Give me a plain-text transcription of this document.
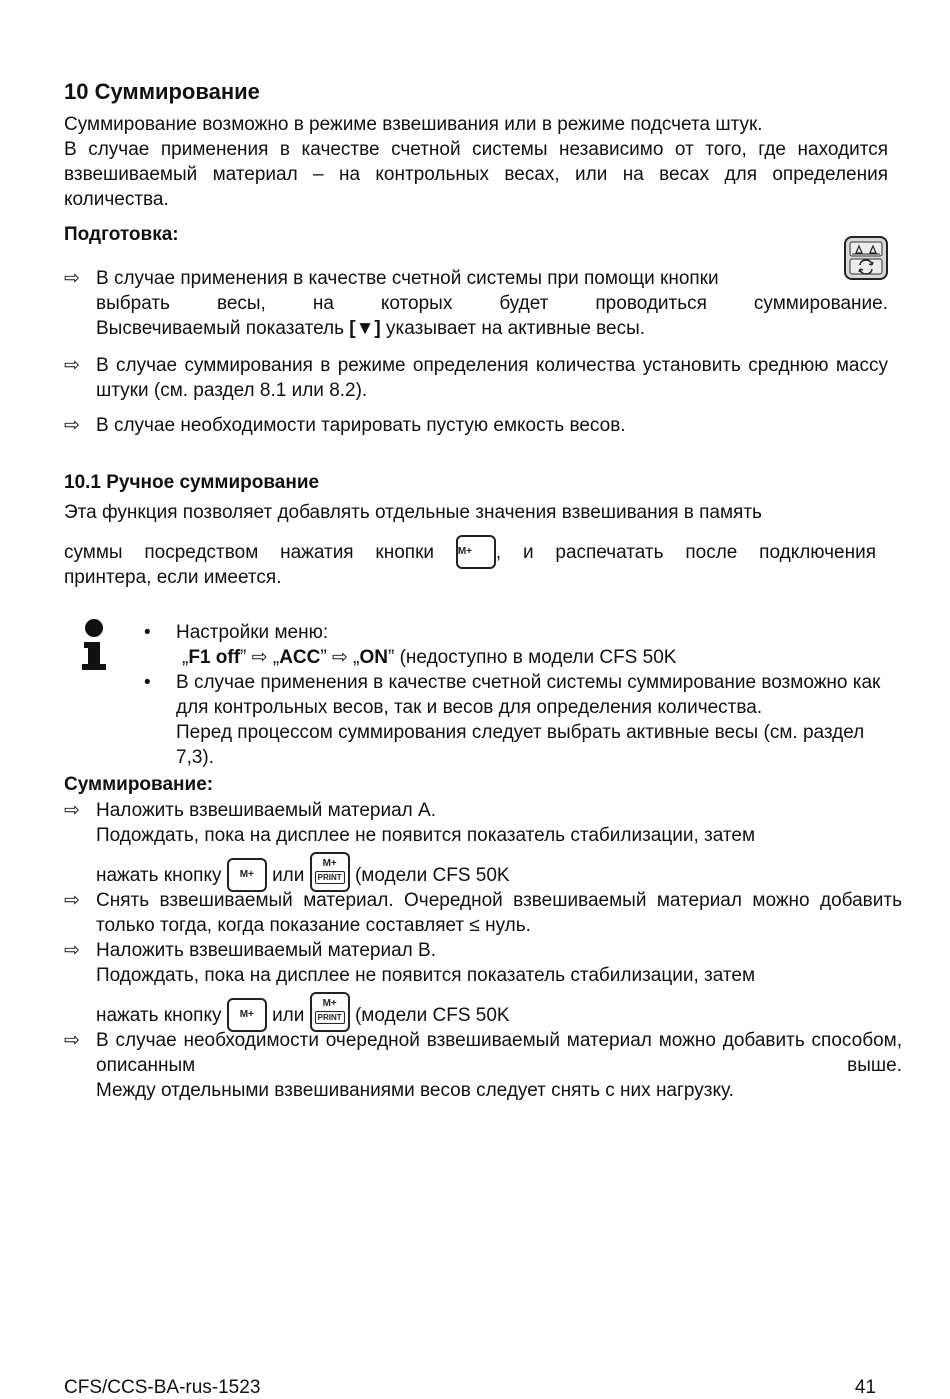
10 Суммирование

Суммирование возможно в режиме взвешивания или в режиме подсчета штук.

В случае применения в качестве счетной системы независимо от того, где находится взвешиваемый материал – на контрольных весах, или на весах для определения количества.

Подготовка:
⇨ В случае применения в качестве счетной системы при помощи кнопки
выбрать весы, на которых будет проводиться суммирование.
Высвечиваемый показатель [▼] указывает на активные весы.
⇨ В случае суммирования в режиме определения количества установить среднюю массу штуки (см. раздел 8.1 или 8.2).
⇨ В случае необходимости тарировать пустую емкость весов.
10.1 Ручное суммирование

Эта функция позволяет добавлять отдельные значения взвешивания в память

суммы посредством нажатия кнопки M+ , и распечатать после подключения

принтера, если имеется.

• Настройки меню:
„F1 off” ⇨ „ACC” ⇨ „ON” (недоступно в модели CFS 50K
• В случае применения в качестве счетной системы суммирование возможно как для контрольных весов, так и весов для определения количества.
Перед процессом суммирования следует выбрать активные весы (см. раздел 7,3).
Суммирование:
⇨ Наложить взвешиваемый материал А.
Подождать, пока на дисплее не появится показатель стабилизации, затем
нажать кнопку M+ или M+
PRINT (модели CFS 50K
⇨ Снять взвешиваемый материал. Очередной взвешиваемый материал можно добавить только тогда, когда показание составляет ≤ нуль.
⇨ Наложить взвешиваемый материал B.
Подождать, пока на дисплее не появится показатель стабилизации, затем
нажать кнопку M+ или M+
PRINT (модели CFS 50K
⇨ В случае необходимости очередной взвешиваемый материал можно добавить способом, описанным выше.
Между отдельными взвешиваниями весов следует снять с них нагрузку.
CFS/CCS-BA-rus-1523	41
